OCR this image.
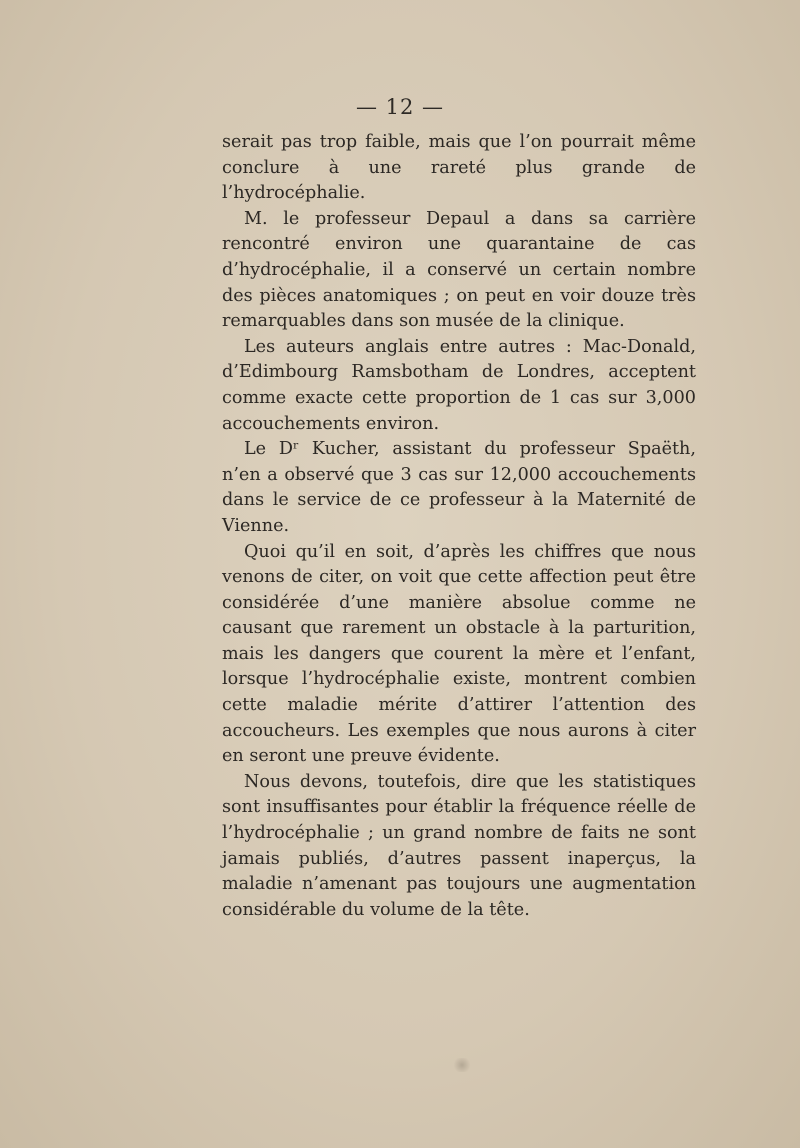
— 12 —

serait pas trop faible, mais que l’on pourrait même conclure à une rareté plus grande de l’hydrocéphalie.

M. le professeur Depaul a dans sa carrière rencontré environ une quarantaine de cas d’hydrocéphalie, il a conservé un certain nombre des pièces anatomiques ; on peut en voir douze très remarquables dans son musée de la clinique.

Les auteurs anglais entre autres : Mac-Donald, d’Edimbourg Ramsbotham de Londres, acceptent comme exacte cette proportion de 1 cas sur 3,000 accouchements environ.

Le Dʳ Kucher, assistant du professeur Spaëth, n’en a observé que 3 cas sur 12,000 accouchements dans le service de ce professeur à la Maternité de Vienne.

Quoi qu’il en soit, d’après les chiffres que nous venons de citer, on voit que cette affection peut être considérée d’une manière absolue comme ne causant que rarement un obstacle à la parturition, mais les dangers que courent la mère et l’enfant, lorsque l’hydrocéphalie existe, montrent combien cette maladie mérite d’attirer l’attention des accoucheurs. Les exemples que nous aurons à citer en seront une preuve évidente.

Nous devons, toutefois, dire que les statistiques sont insuffisantes pour établir la fréquence réelle de l’hydrocéphalie ; un grand nombre de faits ne sont jamais publiés, d’autres passent inaperçus, la maladie n’amenant pas toujours une augmentation considérable du volume de la tête.
